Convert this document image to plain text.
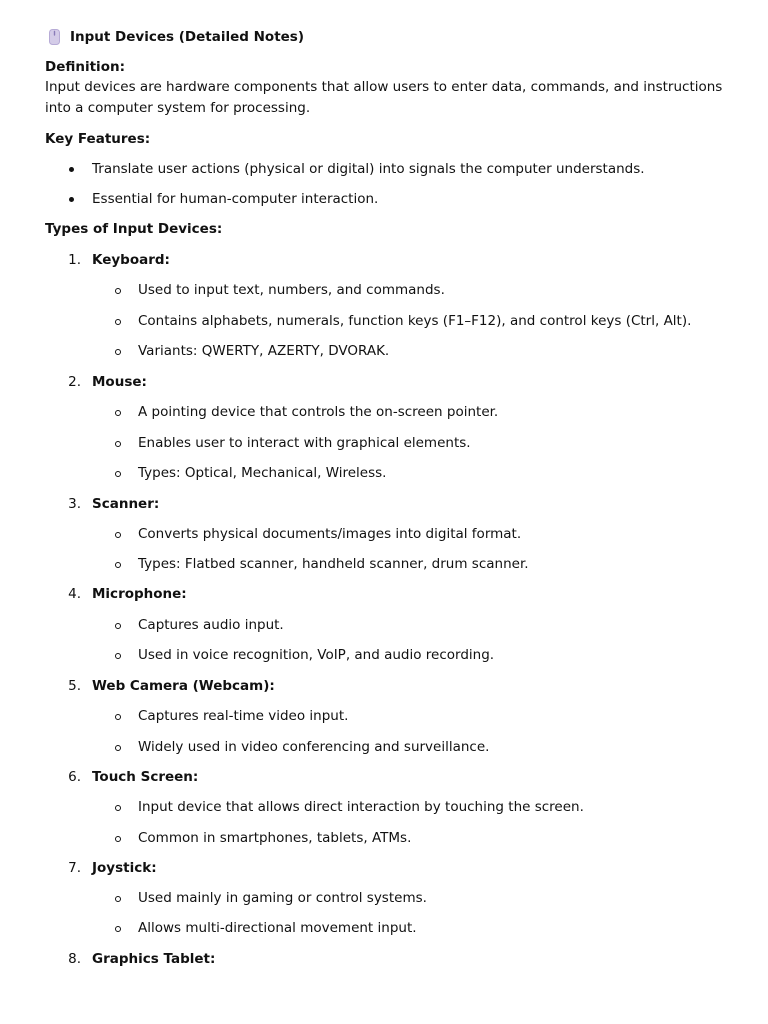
Input Devices (Detailed Notes)
Definition:
Input devices are hardware components that allow users to enter data, commands, and instructions into a computer system for processing.
Key Features:
Translate user actions (physical or digital) into signals the computer understands.
Essential for human-computer interaction.
Types of Input Devices:
1. Keyboard:
Used to input text, numbers, and commands.
Contains alphabets, numerals, function keys (F1–F12), and control keys (Ctrl, Alt).
Variants: QWERTY, AZERTY, DVORAK.
2. Mouse:
A pointing device that controls the on-screen pointer.
Enables user to interact with graphical elements.
Types: Optical, Mechanical, Wireless.
3. Scanner:
Converts physical documents/images into digital format.
Types: Flatbed scanner, handheld scanner, drum scanner.
4. Microphone:
Captures audio input.
Used in voice recognition, VoIP, and audio recording.
5. Web Camera (Webcam):
Captures real-time video input.
Widely used in video conferencing and surveillance.
6. Touch Screen:
Input device that allows direct interaction by touching the screen.
Common in smartphones, tablets, ATMs.
7. Joystick:
Used mainly in gaming or control systems.
Allows multi-directional movement input.
8. Graphics Tablet:
